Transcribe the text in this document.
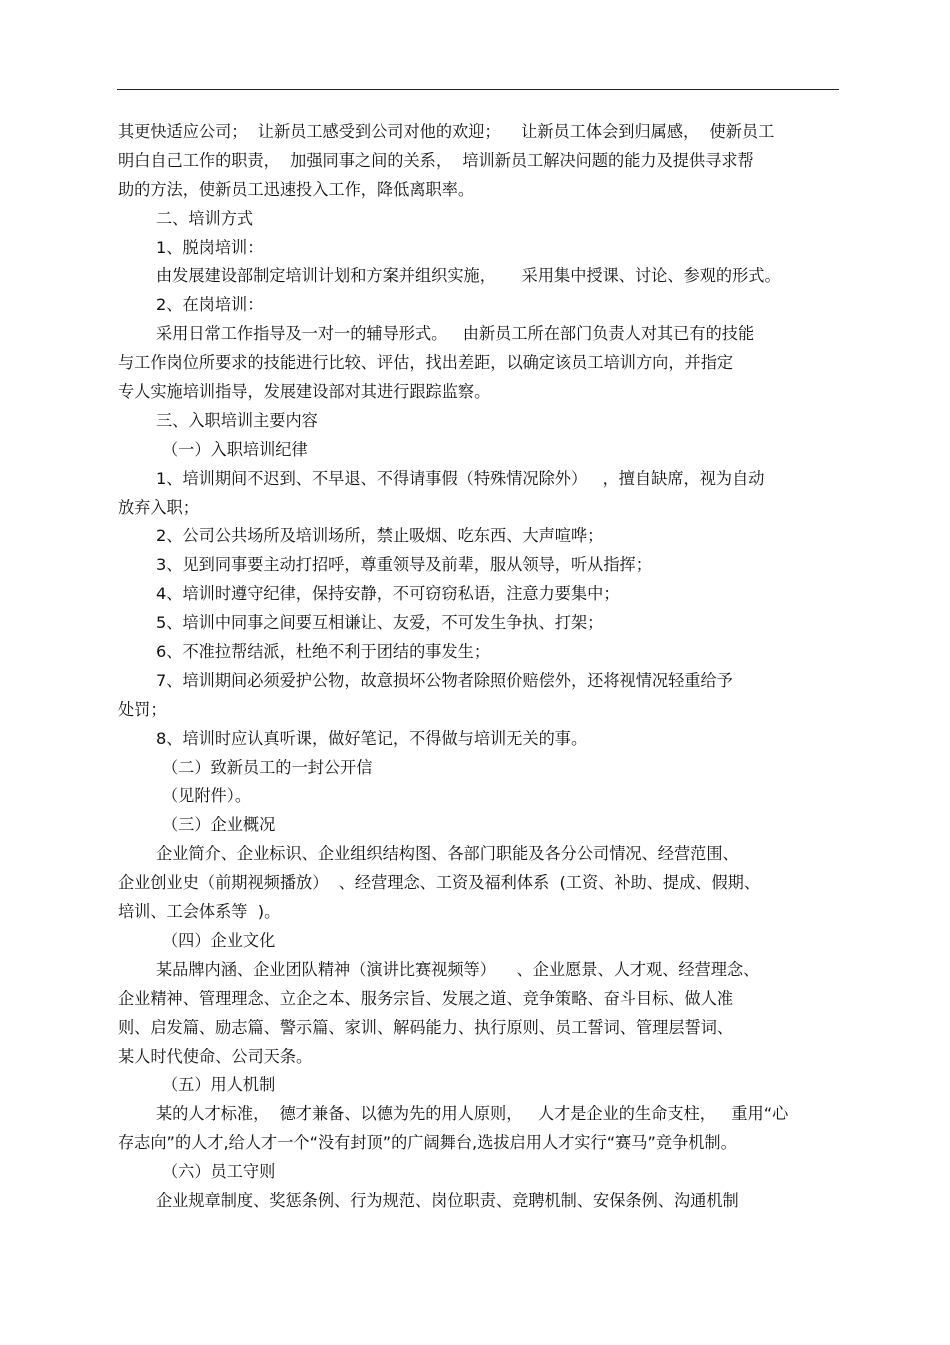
其更快适应公司；  让新员工感受到公司对他的欢迎；    让新员工体会到归属感，  使新员工
明白自己工作的职责，  加强同事之间的关系，  培训新员工解决问题的能力及提供寻求帮
助的方法，使新员工迅速投入工作，降低离职率。
二、培训方式
1、脱岗培训：
由发展建设部制定培训计划和方案并组织实施，     采用集中授课、讨论、参观的形式。
2、在岗培训：
采用日常工作指导及一对一的辅导形式。   由新员工所在部门负责人对其已有的技能
与工作岗位所要求的技能进行比较、评估，找出差距，以确定该员工培训方向，并指定
专人实施培训指导，发展建设部对其进行跟踪监察。
三、入职培训主要内容
（一）入职培训纪律
1、培训期间不迟到、不早退、不得请事假（特殊情况除外）   ，擅自缺席，视为自动
放弃入职；
2、公司公共场所及培训场所，禁止吸烟、吃东西、大声喧哗；
3、见到同事要主动打招呼，尊重领导及前辈，服从领导，听从指挥；
4、培训时遵守纪律，保持安静，不可窃窃私语，注意力要集中；
5、培训中同事之间要互相谦让、友爱，不可发生争执、打架；
6、不准拉帮结派，杜绝不利于团结的事发生；
7、培训期间必须爱护公物，故意损坏公物者除照价赔偿外，还将视情况轻重给予
处罚；
8、培训时应认真听课，做好笔记，不得做与培训无关的事。
（二）致新员工的一封公开信
（见附件）。
（三）企业概况
企业简介、企业标识、企业组织结构图、各部门职能及各分公司情况、经营范围、
企业创业史（前期视频播放）  、经营理念、工资及福利体系  (工资、补助、提成、假期、
培训、工会体系等  )。
（四）企业文化
某品牌内涵、企业团队精神（演讲比赛视频等）    、企业愿景、人才观、经营理念、
企业精神、管理理念、立企之本、服务宗旨、发展之道、竞争策略、奋斗目标、做人准
则、启发篇、励志篇、警示篇、家训、解码能力、执行原则、员工誓词、管理层誓词、
某人时代使命、公司天条。
（五）用人机制
某的人才标准，  德才兼备、以德为先的用人原则，   人才是企业的生命支柱，   重用“心
存志向”的人才,给人才一个“没有封顶”的广阔舞台,选拔启用人才实行“赛马”竞争机制。
（六）员工守则
企业规章制度、奖惩条例、行为规范、岗位职责、竞聘机制、安保条例、沟通机制
